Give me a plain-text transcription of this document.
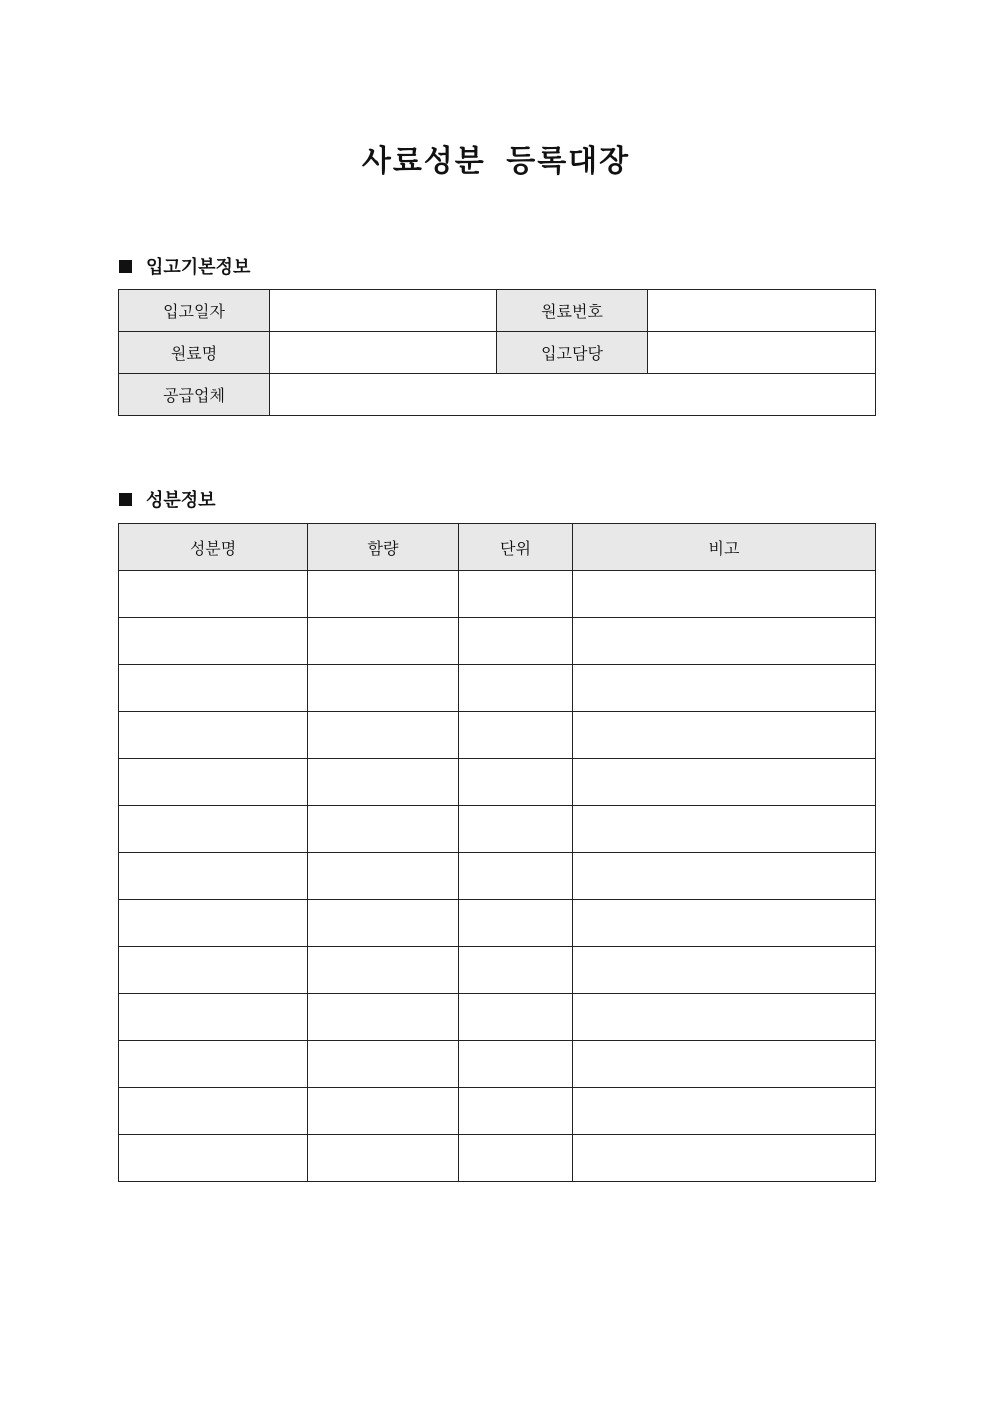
사료성분 등록대장
입고기본정보
입고일자		원료번호	
원료명		입고담당	
공급업체			
성분정보
성분명	함량	단위	비고
